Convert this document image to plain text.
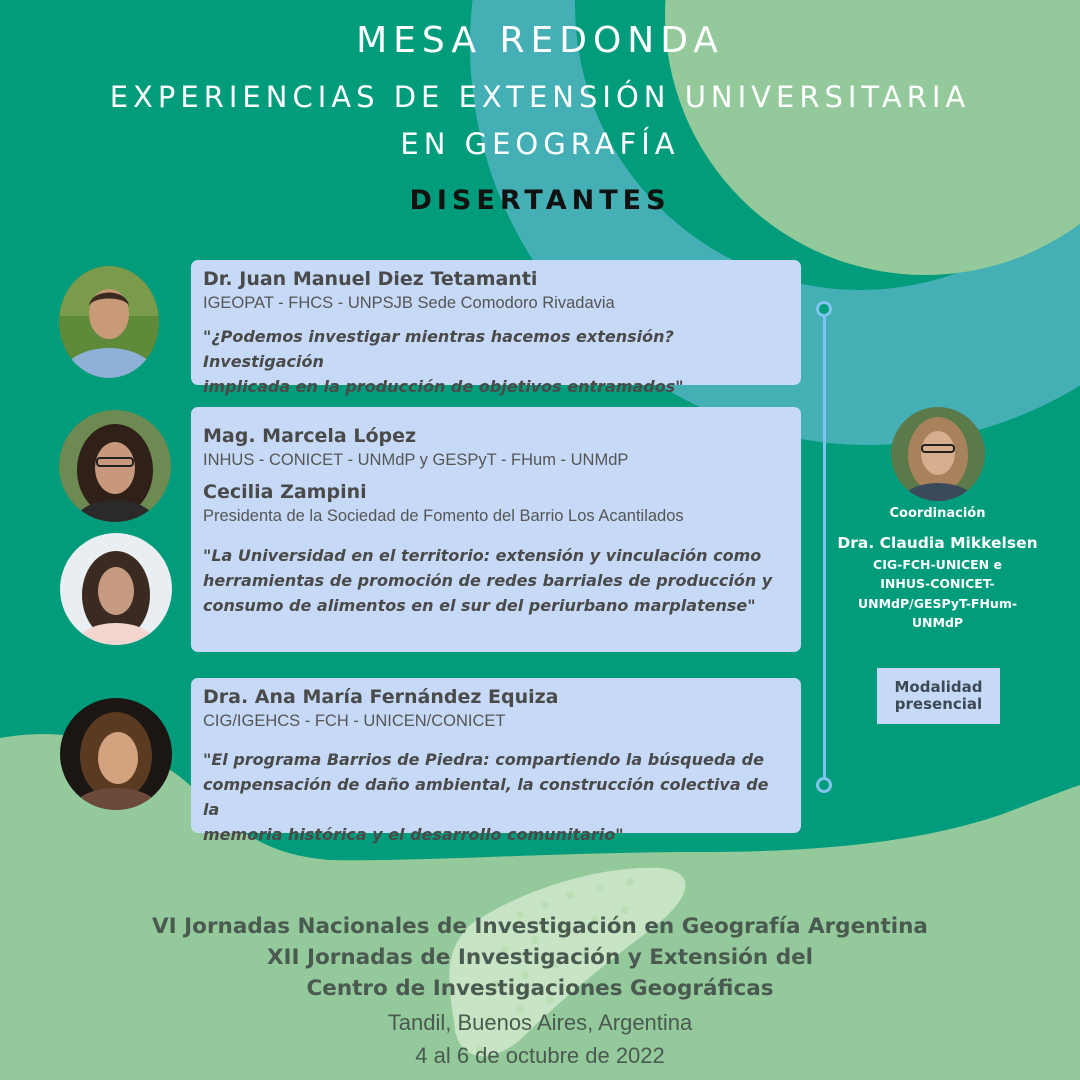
MESA REDONDA
EXPERIENCIAS DE EXTENSIÓN UNIVERSITARIA
EN GEOGRAFÍA
DISERTANTES
Dr. Juan Manuel Diez Tetamanti
IGEOPAT - FHCS - UNPSJB Sede Comodoro Rivadavia
"¿Podemos investigar mientras hacemos extensión? Investigación
implicada en la producción de objetivos entramados"
Mag. Marcela López
INHUS - CONICET - UNMdP y GESPyT - FHum - UNMdP
Cecilia Zampini
Presidenta de la Sociedad de Fomento del Barrio Los Acantilados
"La Universidad en el territorio: extensión y vinculación como
herramientas de promoción de redes barriales de producción y
consumo de alimentos en el sur del periurbano marplatense"
Dra. Ana María Fernández Equiza
CIG/IGEHCS - FCH - UNICEN/CONICET
"El programa Barrios de Piedra: compartiendo la búsqueda de
compensación de daño ambiental, la construcción colectiva de la
memoria histórica y el desarrollo comunitario"
Coordinación
Dra. Claudia Mikkelsen
CIG-FCH-UNICEN e
INHUS-CONICET-
UNMdP/GESPyT-FHum-
UNMdP
Modalidad
presencial
VI Jornadas Nacionales de Investigación en Geografía Argentina
XII Jornadas de Investigación y Extensión del
Centro de Investigaciones Geográficas
Tandil, Buenos Aires, Argentina
4 al 6 de octubre de 2022
